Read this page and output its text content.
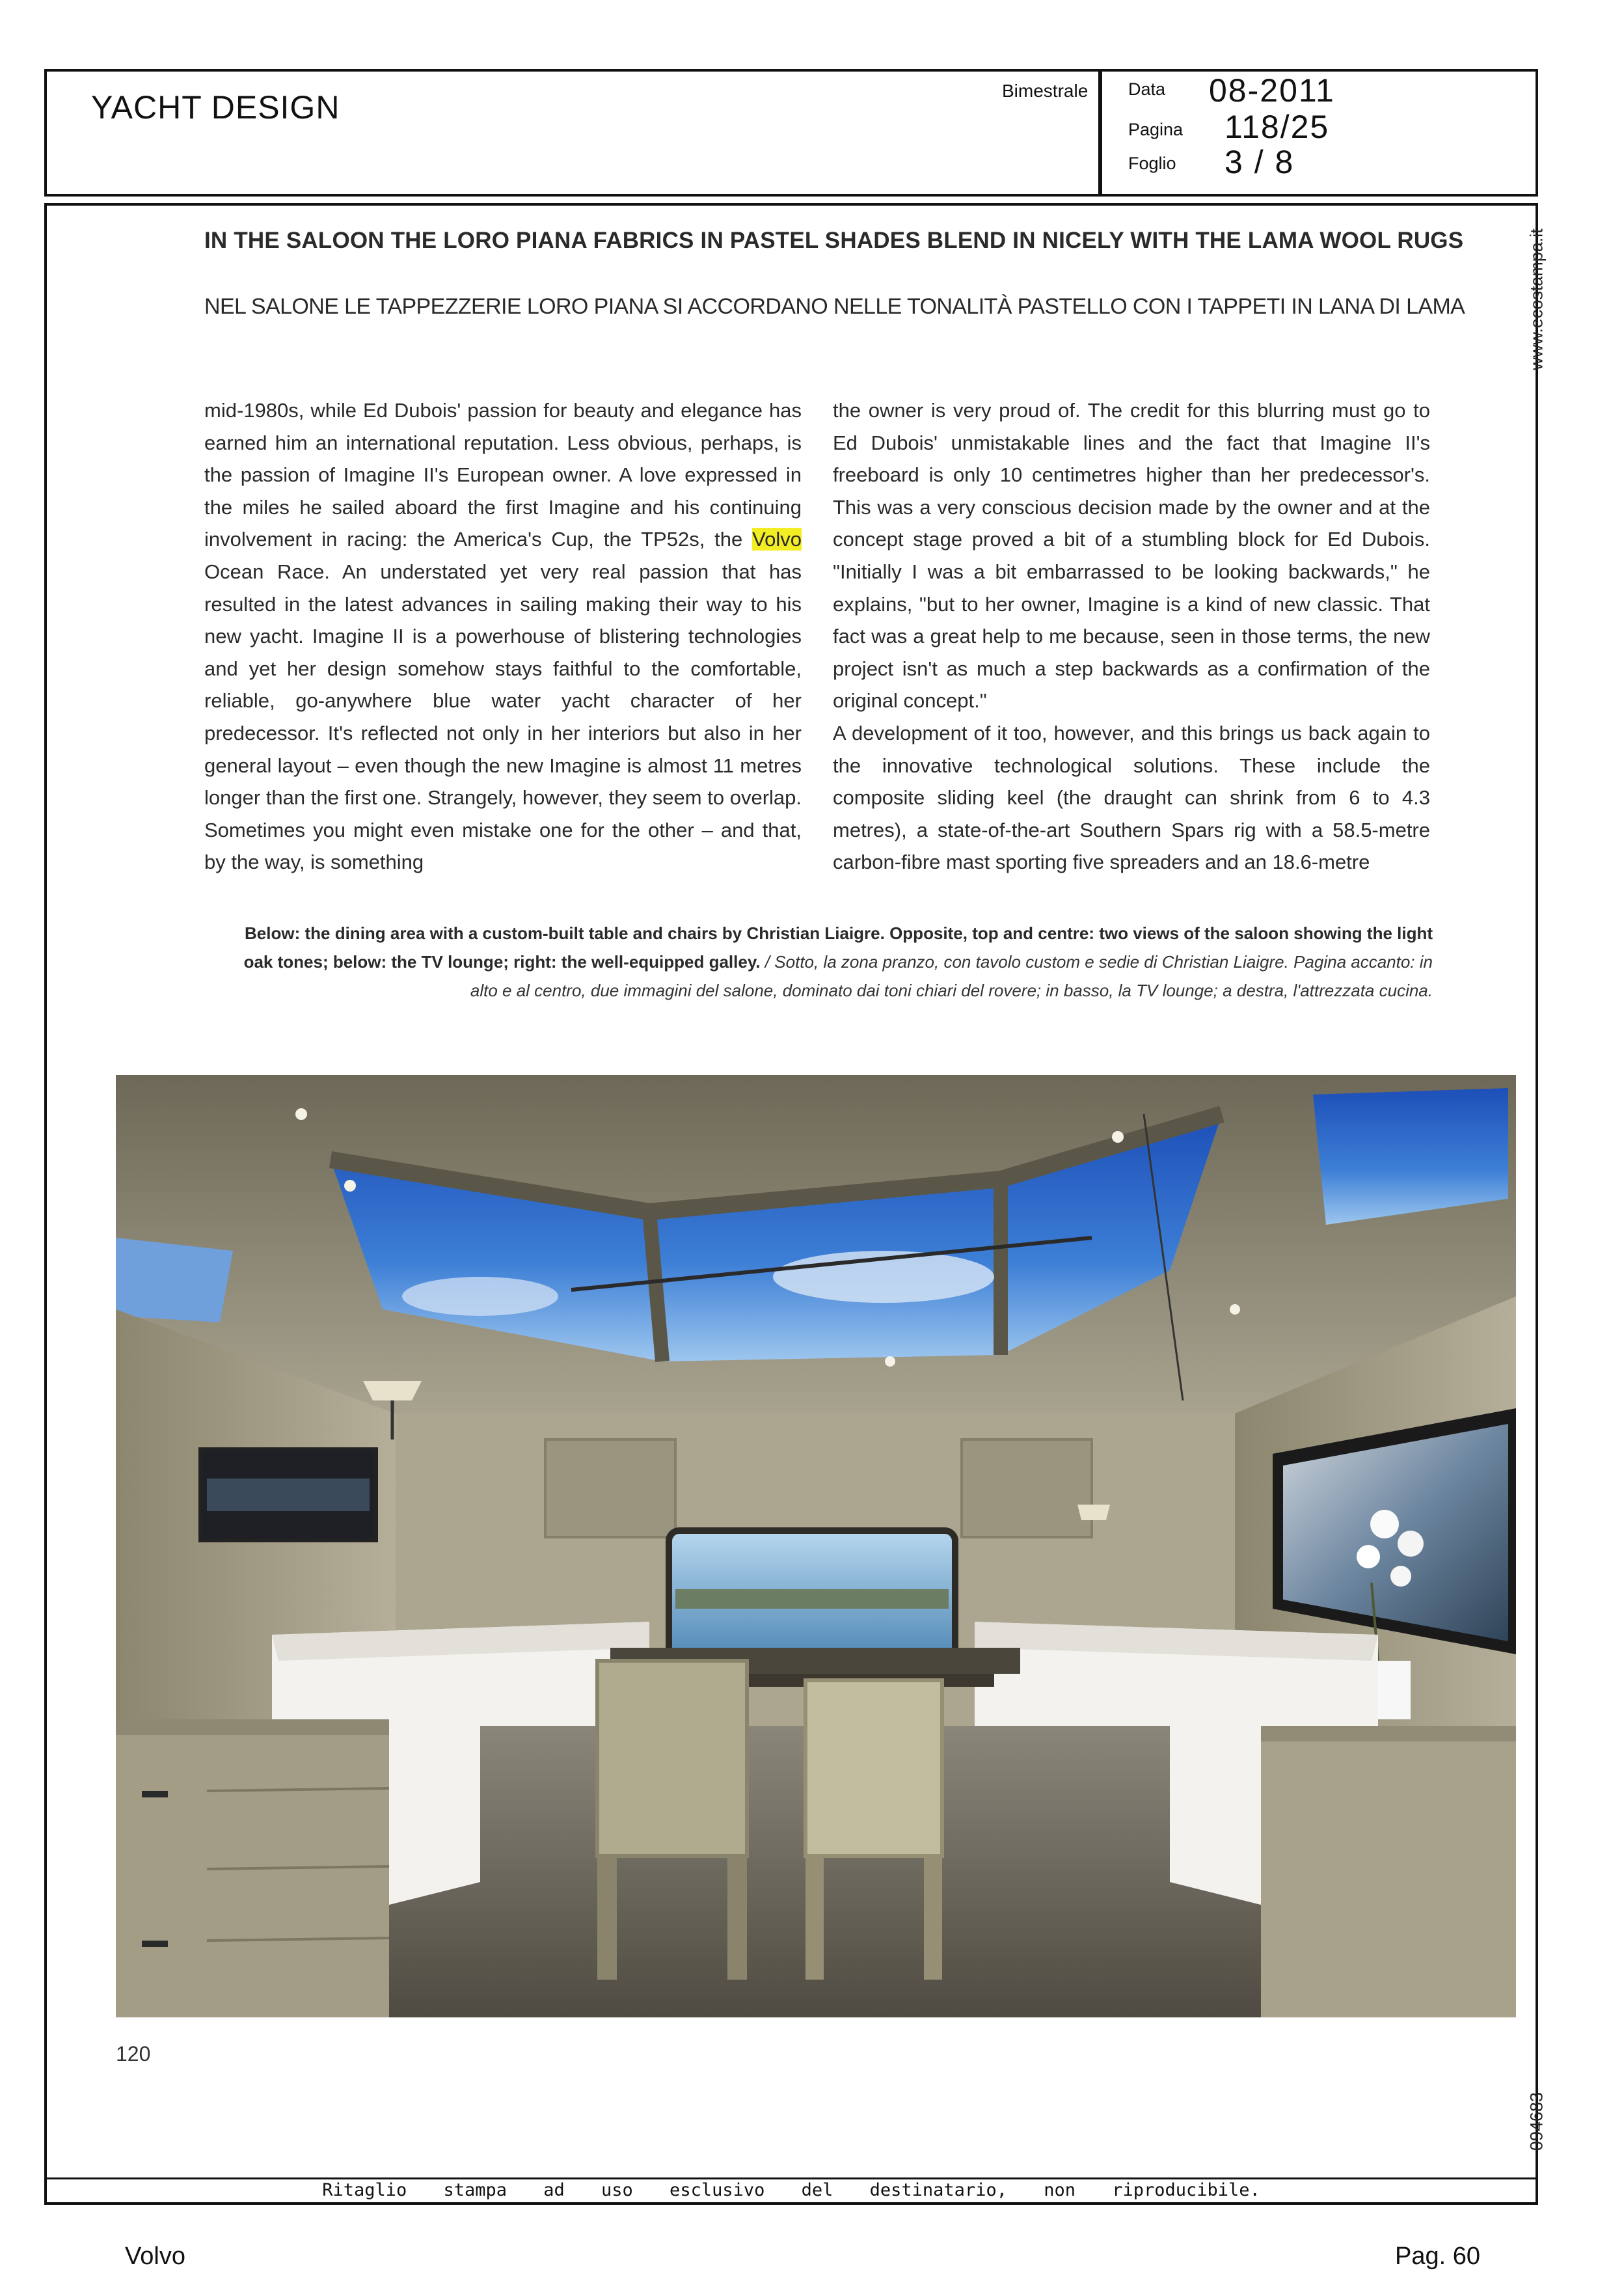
YACHT DESIGN	Bimestrale Data 08-2011
Pagina 118/25
Foglio 3 / 8
www.ecostampa.it
094683
IN THE SALOON THE LORO PIANA FABRICS IN PASTEL SHADES BLEND IN NICELY WITH THE LAMA WOOL RUGS
NEL SALONE LE TAPPEZZERIE LORO PIANA SI ACCORDANO NELLE TONALITÀ PASTELLO CON I TAPPETI IN LANA DI LAMA
mid-1980s, while Ed Dubois' passion for beauty and elegance has earned him an international reputation. Less obvious, perhaps, is the passion of Imagine II's European owner. A love expressed in the miles he sailed aboard the first Imagine and his continuing involvement in racing: the America's Cup, the TP52s, the Volvo Ocean Race. An understated yet very real passion that has resulted in the latest advances in sailing making their way to his new yacht. Imagine II is a powerhouse of blistering technologies and yet her design somehow stays faithful to the comfortable, reliable, go-anywhere blue water yacht character of her predecessor. It's reflected not only in her interiors but also in her general layout – even though the new Imagine is almost 11 metres longer than the first one. Strangely, however, they seem to overlap. Sometimes you might even mistake one for the other – and that, by the way, is something
the owner is very proud of. The credit for this blurring must go to Ed Dubois' unmistakable lines and the fact that Imagine II's freeboard is only 10 centimetres higher than her predecessor's. This was a very conscious decision made by the owner and at the concept stage proved a bit of a stumbling block for Ed Dubois. "Initially I was a bit embarrassed to be looking backwards," he explains, "but to her owner, Imagine is a kind of new classic. That fact was a great help to me because, seen in those terms, the new project isn't as much a step backwards as a confirmation of the original concept."
A development of it too, however, and this brings us back again to the innovative technological solutions. These include the composite sliding keel (the draught can shrink from 6 to 4.3 metres), a state-of-the-art Southern Spars rig with a 58.5-metre carbon-fibre mast sporting five spreaders and an 18.6-metre
Below: the dining area with a custom-built table and chairs by Christian Liaigre. Opposite, top and centre: two views of the saloon showing the light oak tones; below: the TV lounge; right: the well-equipped galley. / Sotto, la zona pranzo, con tavolo custom e sedie di Christian Liaigre. Pagina accanto: in alto e al centro, due immagini del salone, dominato dai toni chiari del rovere; in basso, la TV lounge; a destra, l'attrezzata cucina.
120
Ritaglio stampa ad uso esclusivo del destinatario, non riproducibile.
Volvo	Pag. 60
